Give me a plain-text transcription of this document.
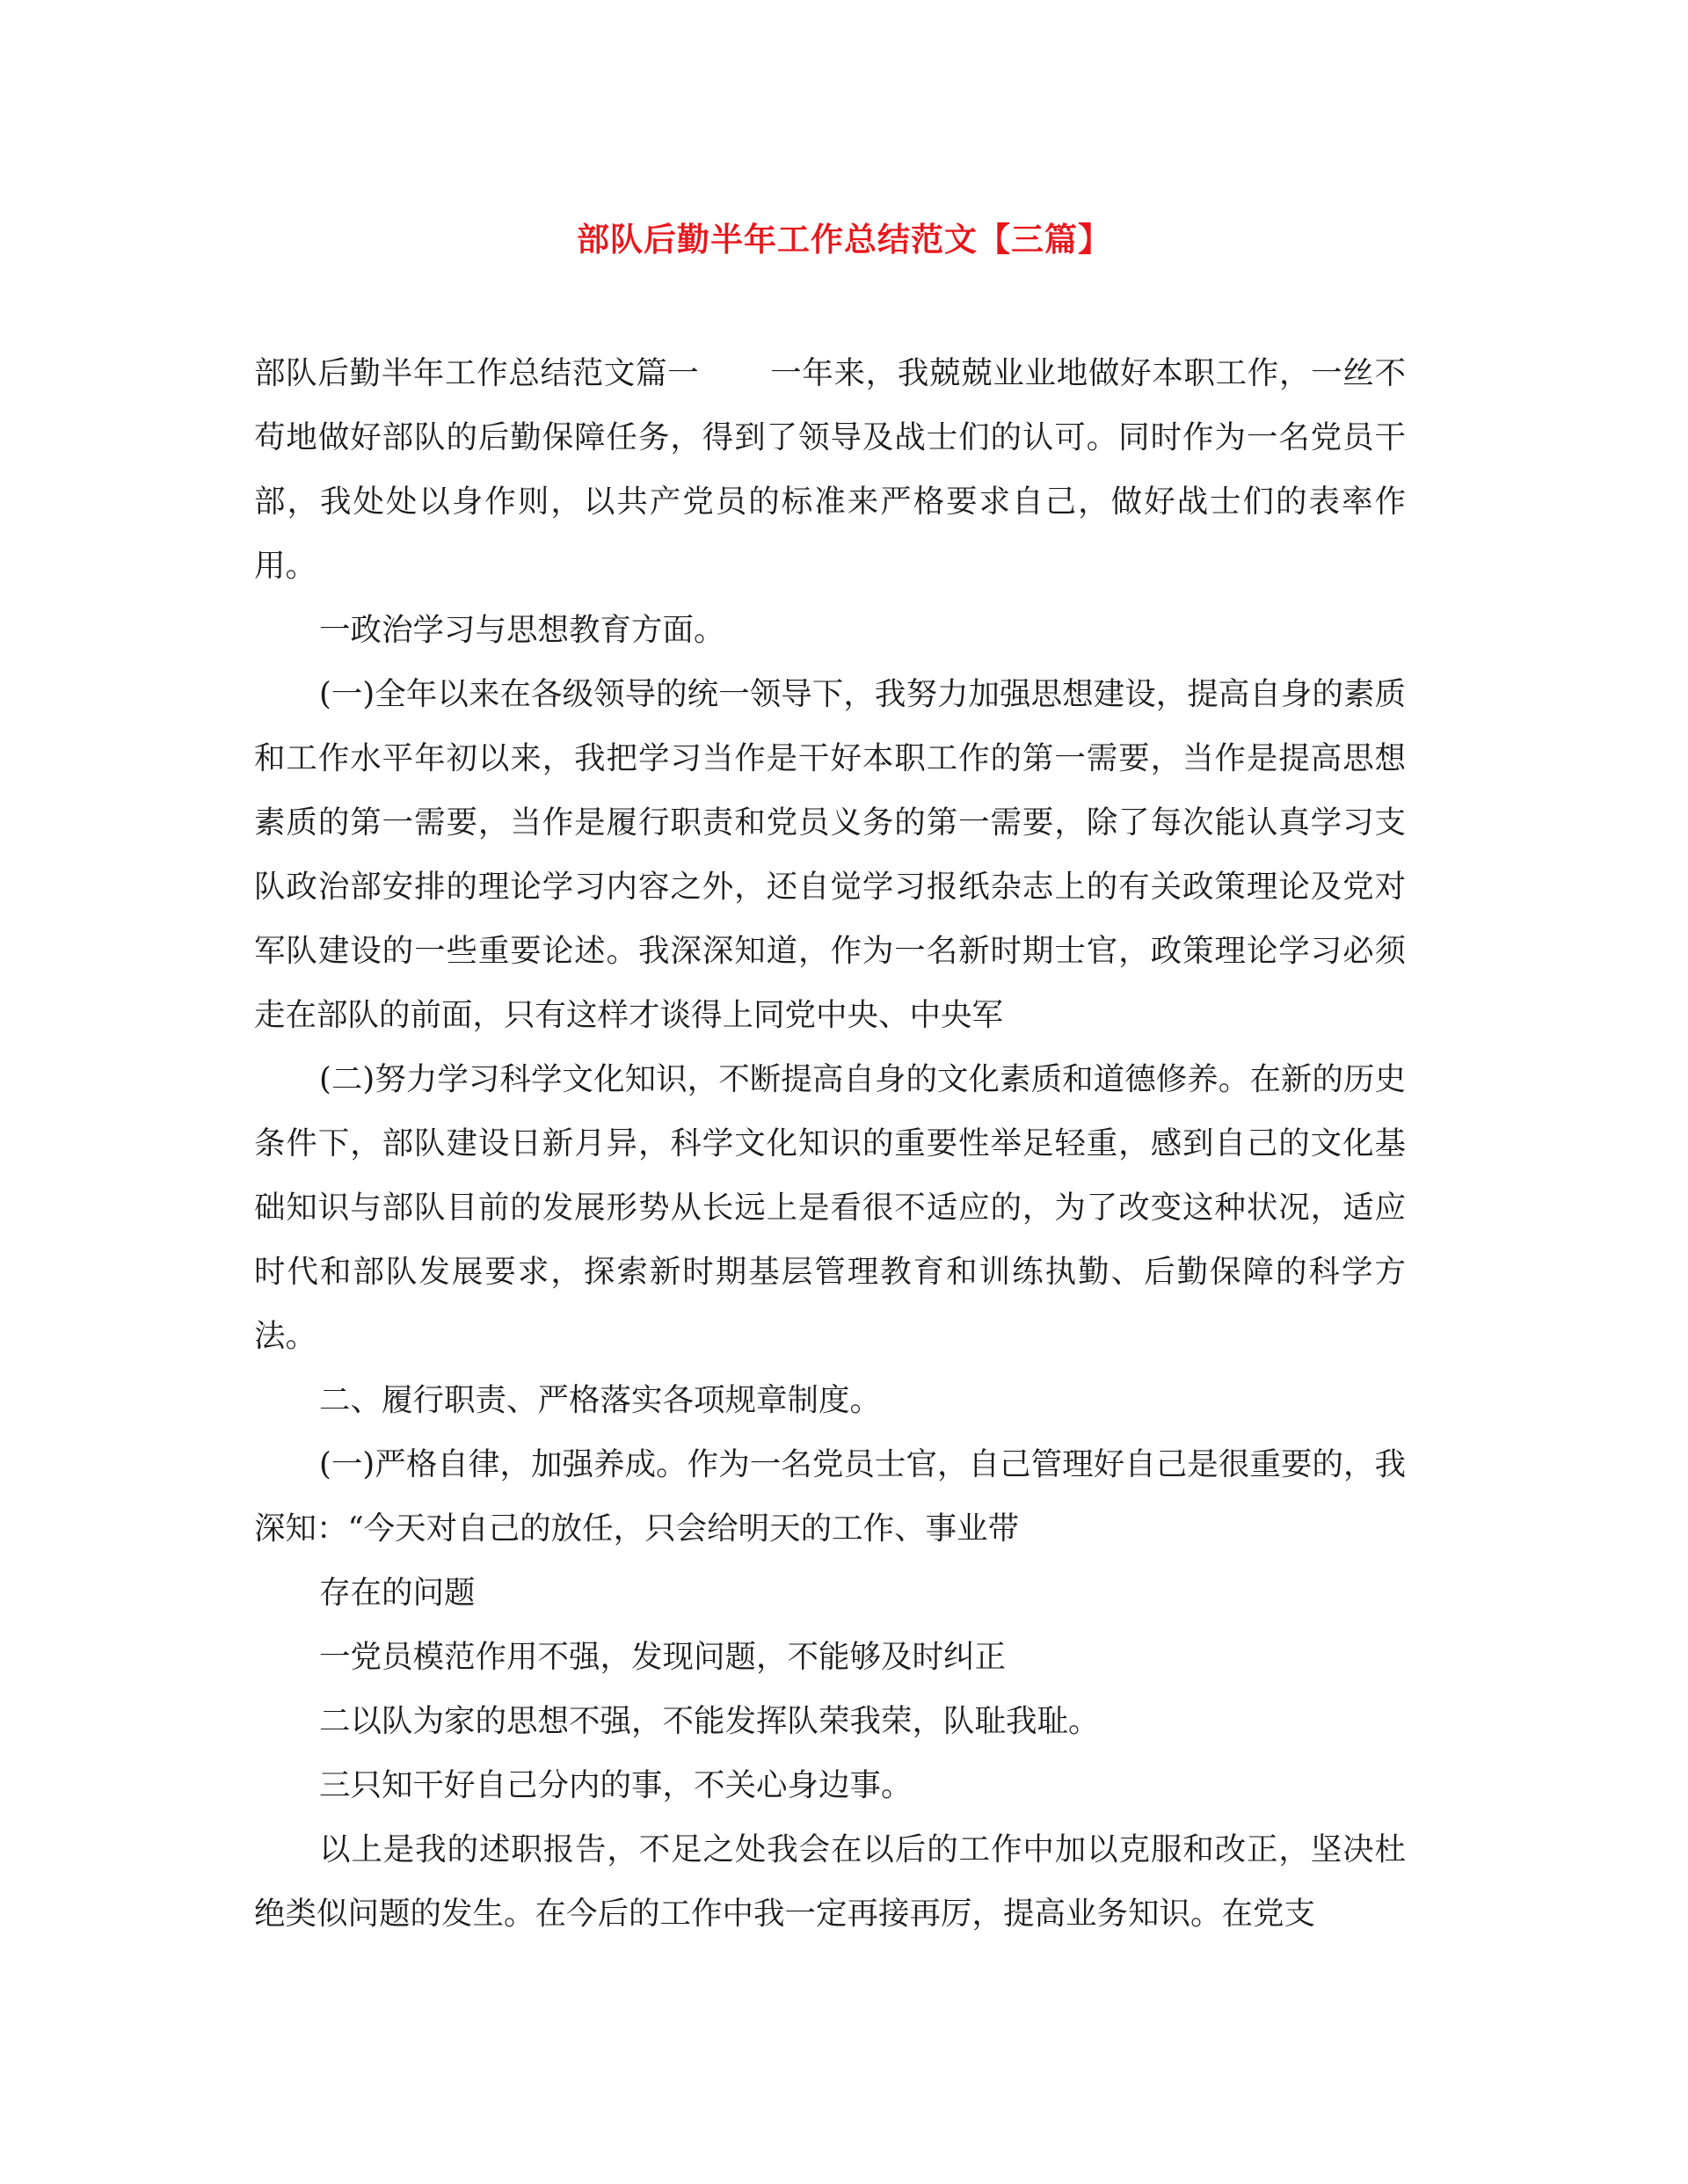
部队后勤半年工作总结范文【三篇】

部队后勤半年工作总结范文篇一 一年来，我兢兢业业地做好本职工作，一丝不苟地做好部队的后勤保障任务，得到了领导及战士们的认可。同时作为一名党员干部，我处处以身作则，以共产党员的标准来严格要求自己，做好战士们的表率作用。

一政治学习与思想教育方面。

(一)全年以来在各级领导的统一领导下，我努力加强思想建设，提高自身的素质和工作水平年初以来，我把学习当作是干好本职工作的第一需要，当作是提高思想素质的第一需要，当作是履行职责和党员义务的第一需要，除了每次能认真学习支队政治部安排的理论学习内容之外，还自觉学习报纸杂志上的有关政策理论及党对军队建设的一些重要论述。我深深知道，作为一名新时期士官，政策理论学习必须走在部队的前面，只有这样才谈得上同党中央、中央军

(二)努力学习科学文化知识，不断提高自身的文化素质和道德修养。在新的历史条件下，部队建设日新月异，科学文化知识的重要性举足轻重，感到自己的文化基础知识与部队目前的发展形势从长远上是看很不适应的，为了改变这种状况，适应时代和部队发展要求，探索新时期基层管理教育和训练执勤、后勤保障的科学方法。

二、履行职责、严格落实各项规章制度。

(一)严格自律，加强养成。作为一名党员士官，自己管理好自己是很重要的，我深知：“今天对自己的放任，只会给明天的工作、事业带

存在的问题

一党员模范作用不强，发现问题，不能够及时纠正

二以队为家的思想不强，不能发挥队荣我荣，队耻我耻。

三只知干好自己分内的事，不关心身边事。

以上是我的述职报告，不足之处我会在以后的工作中加以克服和改正，坚决杜绝类似问题的发生。在今后的工作中我一定再接再厉，提高业务知识。在党支
